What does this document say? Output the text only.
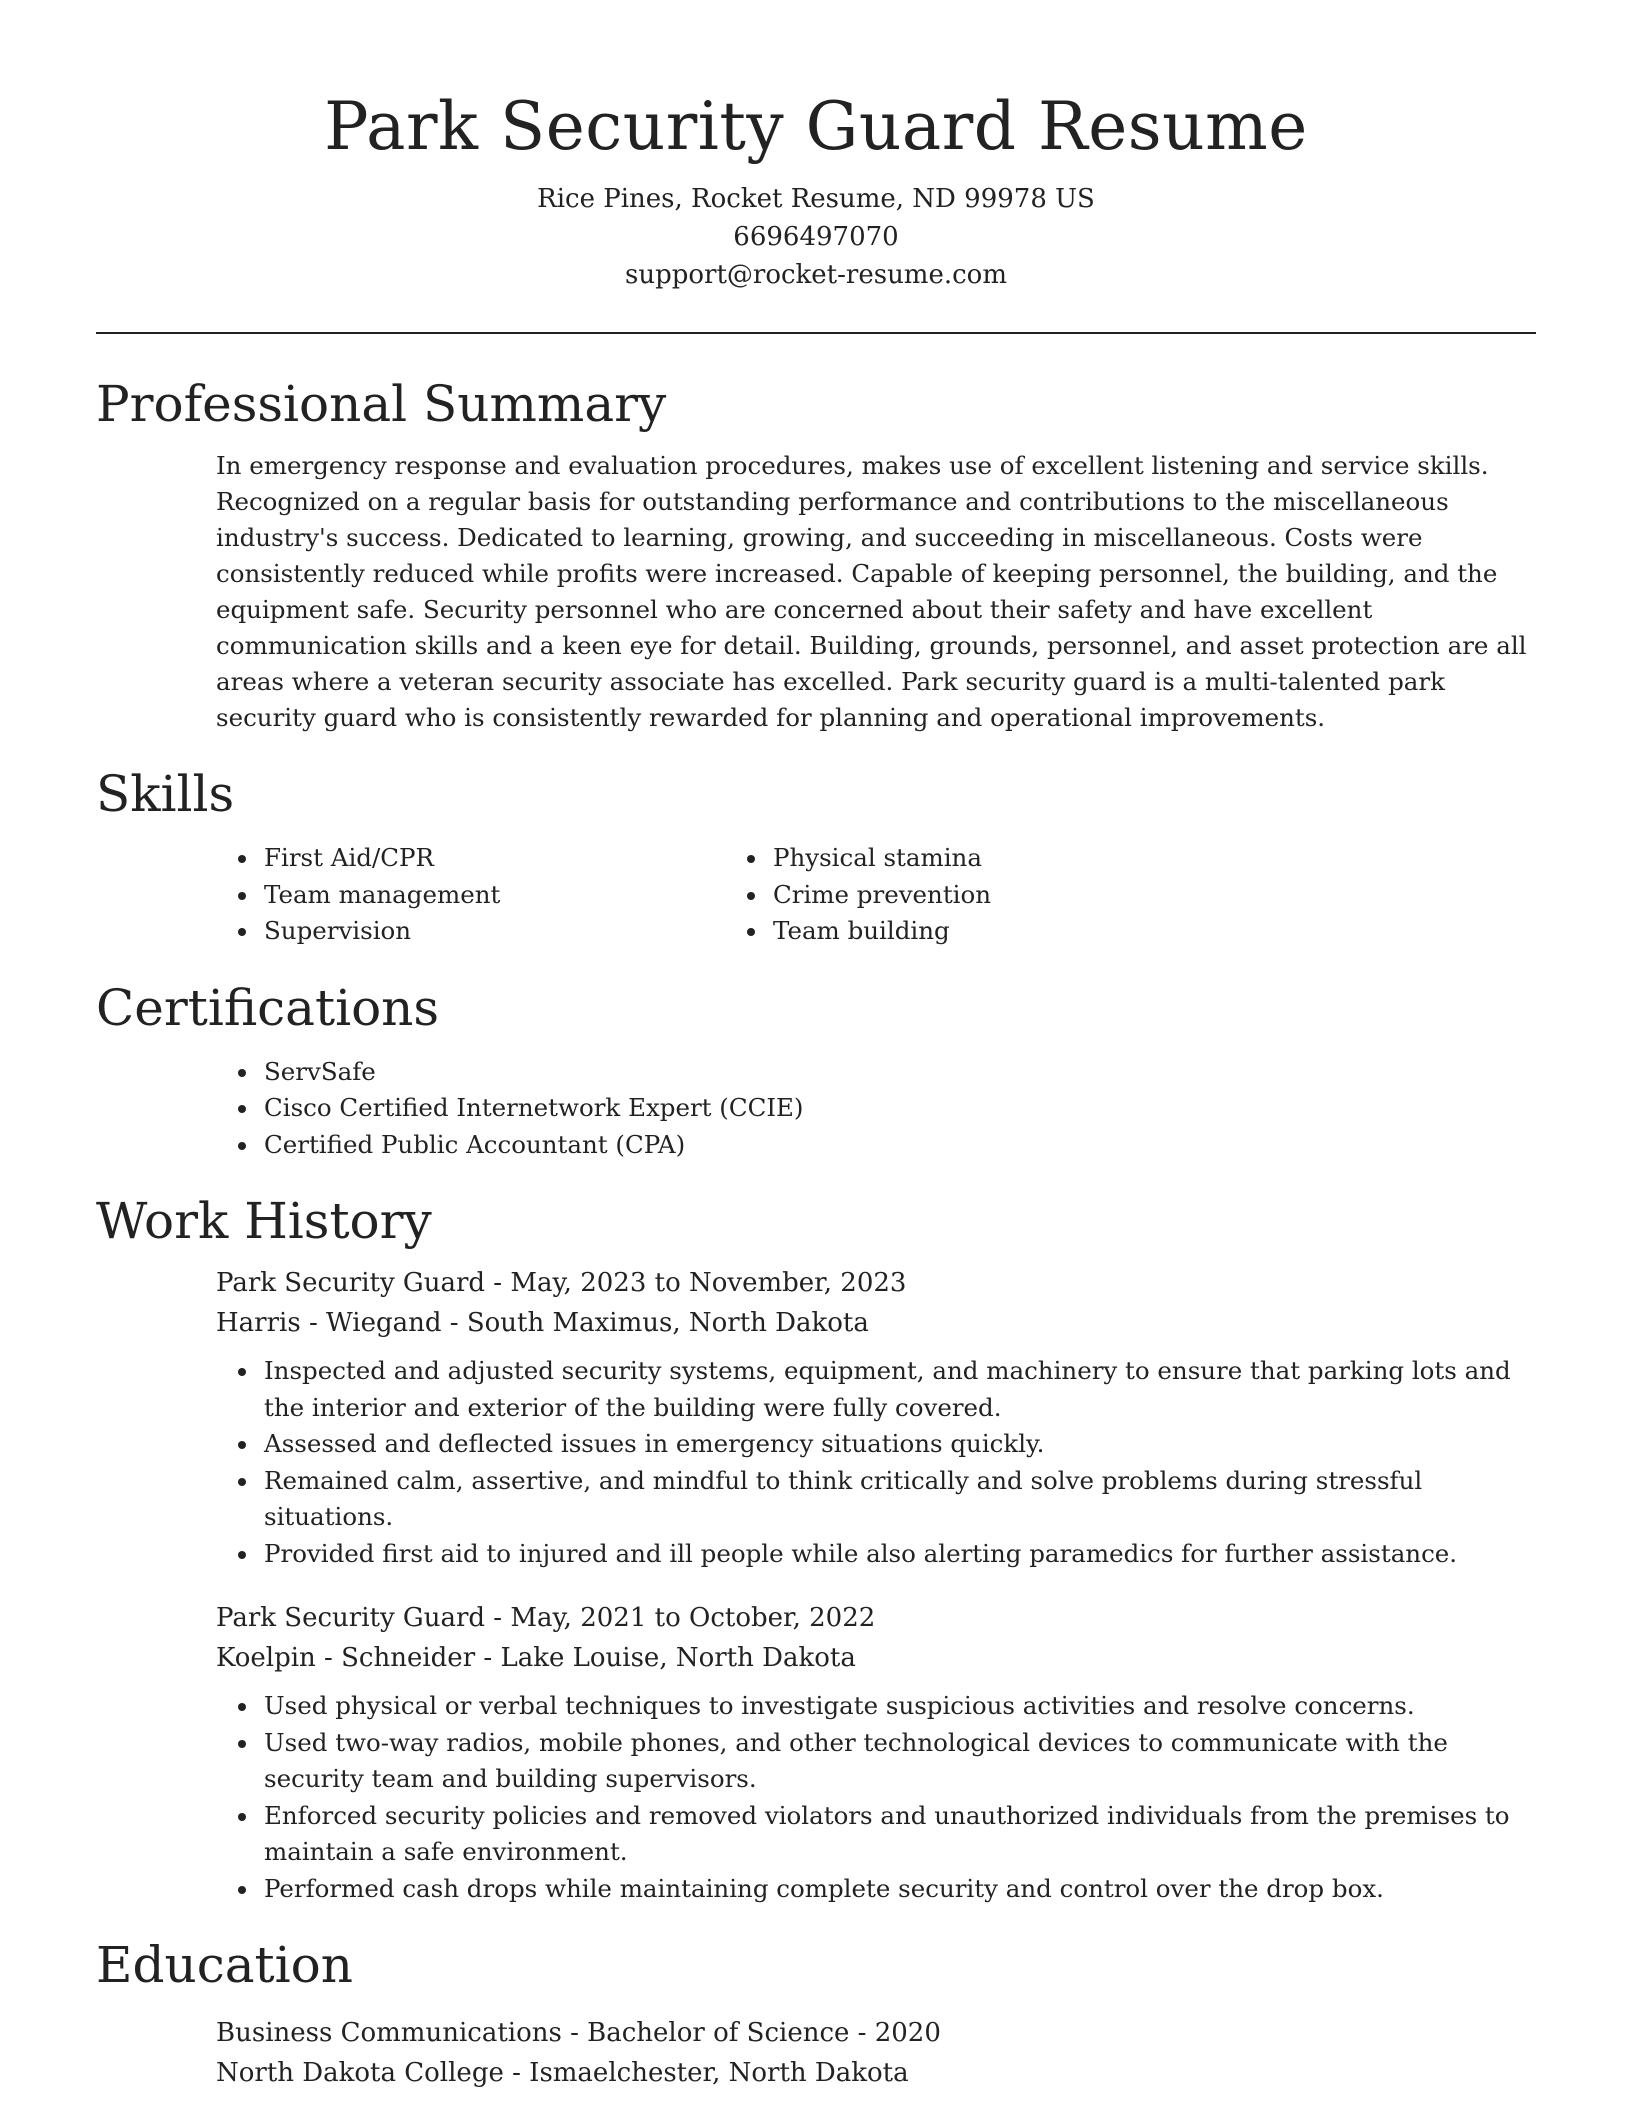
Park Security Guard Resume
Rice Pines, Rocket Resume, ND 99978 US
6696497070
support@rocket-resume.com
Professional Summary

In emergency response and evaluation procedures, makes use of excellent listening and service skills. Recognized on a regular basis for outstanding performance and contributions to the miscellaneous industry's success. Dedicated to learning, growing, and succeeding in miscellaneous. Costs were consistently reduced while profits were increased. Capable of keeping personnel, the building, and the equipment safe. Security personnel who are concerned about their safety and have excellent communication skills and a keen eye for detail. Building, grounds, personnel, and asset protection are all areas where a veteran security associate has excelled. Park security guard is a multi-talented park security guard who is consistently rewarded for planning and operational improvements.

Skills
• First Aid/CPR
• Team management
• Supervision
• Physical stamina
• Crime prevention
• Team building
Certifications
• ServSafe
• Cisco Certified Internetwork Expert (CCIE)
• Certified Public Accountant (CPA)
Work History
Park Security Guard - May, 2023 to November, 2023
Harris - Wiegand - South Maximus, North Dakota
• Inspected and adjusted security systems, equipment, and machinery to ensure that parking lots and the interior and exterior of the building were fully covered.
• Assessed and deflected issues in emergency situations quickly.
• Remained calm, assertive, and mindful to think critically and solve problems during stressful situations.
• Provided first aid to injured and ill people while also alerting paramedics for further assistance.
Park Security Guard - May, 2021 to October, 2022
Koelpin - Schneider - Lake Louise, North Dakota
• Used physical or verbal techniques to investigate suspicious activities and resolve concerns.
• Used two-way radios, mobile phones, and other technological devices to communicate with the security team and building supervisors.
• Enforced security policies and removed violators and unauthorized individuals from the premises to maintain a safe environment.
• Performed cash drops while maintaining complete security and control over the drop box.
Education
Business Communications - Bachelor of Science - 2020
North Dakota College - Ismaelchester, North Dakota
